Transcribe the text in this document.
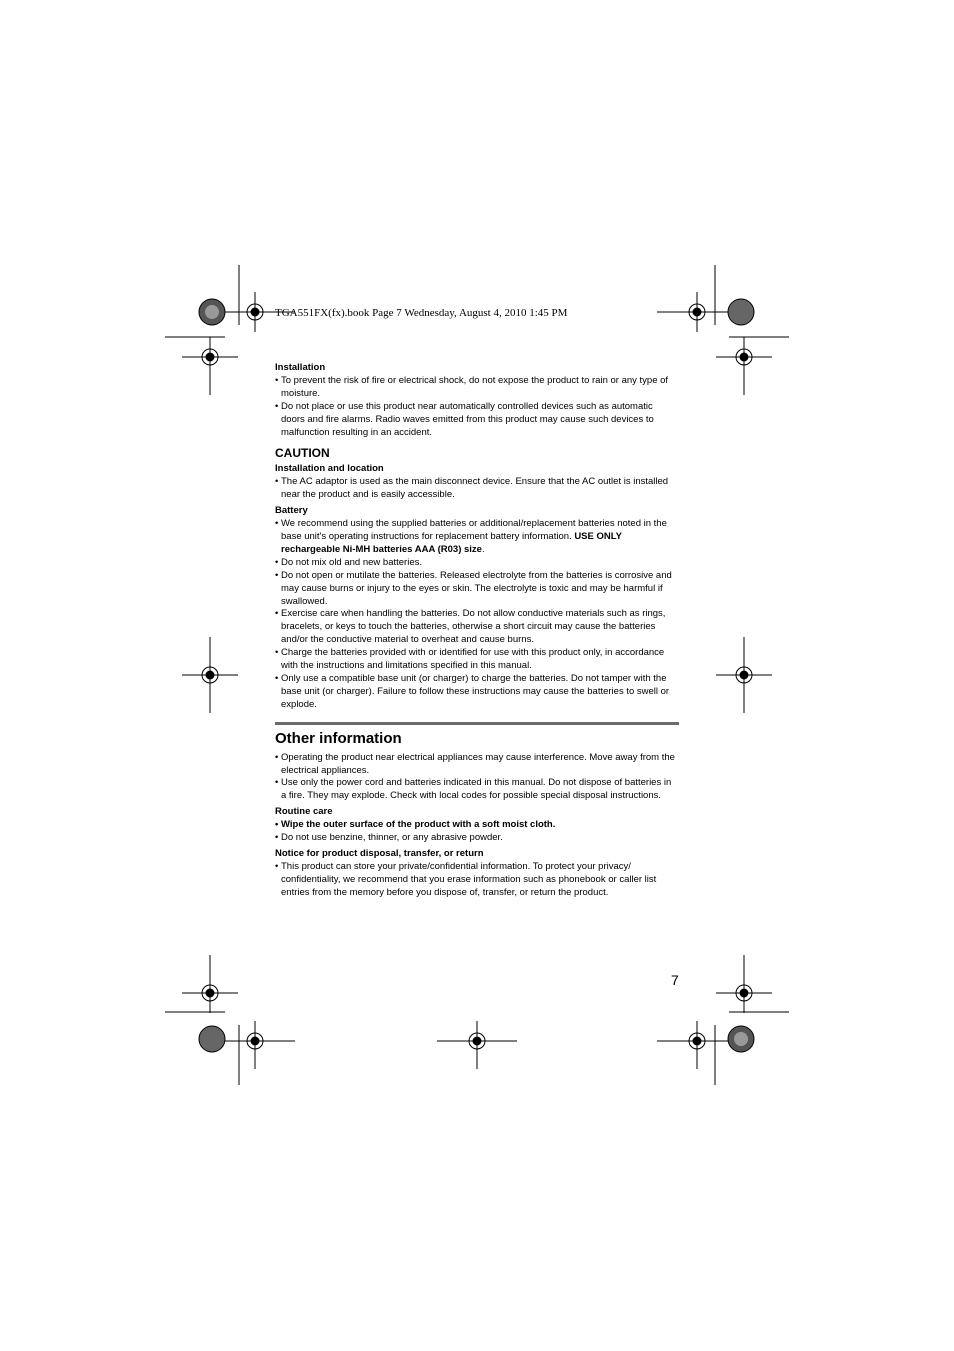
TGA551FX(fx).book Page 7 Wednesday, August 4, 2010 1:45 PM

Installation

• To prevent the risk of fire or electrical shock, do not expose the product to rain or any type of moisture.
• Do not place or use this product near automatically controlled devices such as automatic doors and fire alarms. Radio waves emitted from this product may cause such devices to malfunction resulting in an accident.

CAUTION

Installation and location

• The AC adaptor is used as the main disconnect device. Ensure that the AC outlet is installed near the product and is easily accessible.

Battery

• We recommend using the supplied batteries or additional/replacement batteries noted in the base unit's operating instructions for replacement battery information. USE ONLY rechargeable Ni-MH batteries AAA (R03) size.
• Do not mix old and new batteries.
• Do not open or mutilate the batteries. Released electrolyte from the batteries is corrosive and may cause burns or injury to the eyes or skin. The electrolyte is toxic and may be harmful if swallowed.
• Exercise care when handling the batteries. Do not allow conductive materials such as rings, bracelets, or keys to touch the batteries, otherwise a short circuit may cause the batteries and/or the conductive material to overheat and cause burns.
• Charge the batteries provided with or identified for use with this product only, in accordance with the instructions and limitations specified in this manual.
• Only use a compatible base unit (or charger) to charge the batteries. Do not tamper with the base unit (or charger). Failure to follow these instructions may cause the batteries to swell or explode.

Other information

• Operating the product near electrical appliances may cause interference. Move away from the electrical appliances.
• Use only the power cord and batteries indicated in this manual. Do not dispose of batteries in a fire. They may explode. Check with local codes for possible special disposal instructions.

Routine care

• Wipe the outer surface of the product with a soft moist cloth.
• Do not use benzine, thinner, or any abrasive powder.

Notice for product disposal, transfer, or return

• This product can store your private/confidential information. To protect your privacy/ confidentiality, we recommend that you erase information such as phonebook or caller list entries from the memory before you dispose of, transfer, or return the product.
7
